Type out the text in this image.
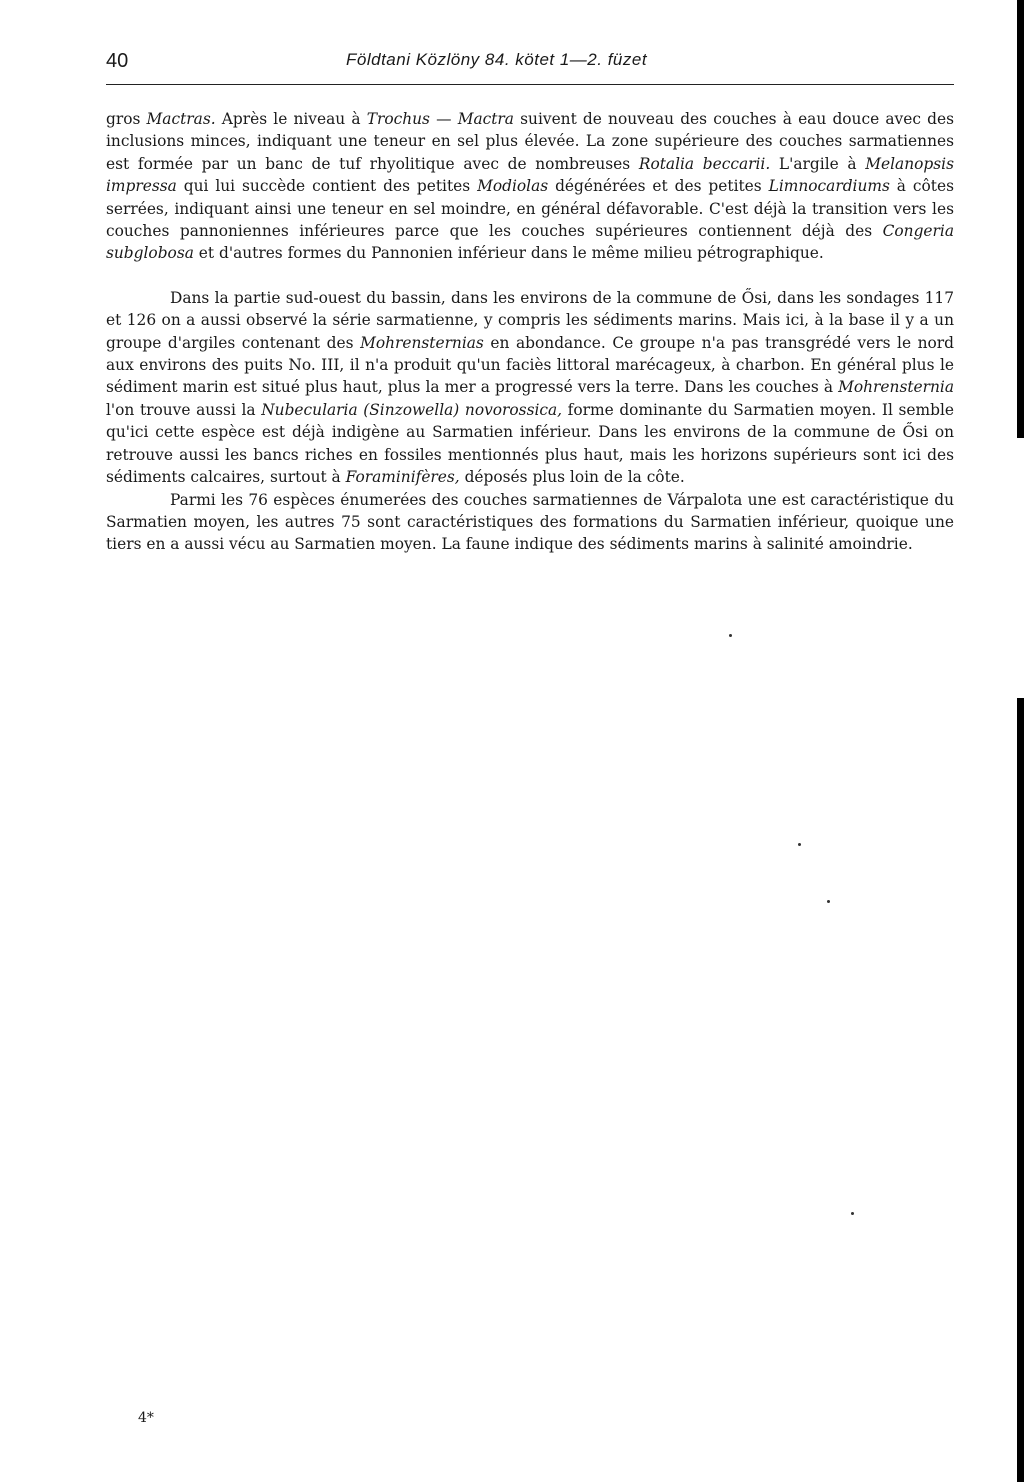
40	Földtani Közlöny 84. kötet 1—2. füzet

gros Mactras. Après le niveau à Trochus — Mactra suivent de nouveau des couches à eau douce avec des inclusions minces, indiquant une teneur en sel plus élevée. La zone supérieure des couches sarmatiennes est formée par un banc de tuf rhyolitique avec de nombreuses Rotalia beccarii. L'argile à Melanopsis impressa qui lui succède contient des petites Modiolas dégénérées et des petites Limnocardiums à côtes serrées, indiquant ainsi une teneur en sel moindre, en général défavorable. C'est déjà la transition vers les couches pannoniennes inférieures parce que les couches supérieures contiennent déjà des Congeria subglobosa et d'autres formes du Pannonien inférieur dans le même milieu pétrographique.

Dans la partie sud-ouest du bassin, dans les environs de la commune de Ősi, dans les sondages 117 et 126 on a aussi observé la série sarmatienne, y compris les sédiments marins. Mais ici, à la base il y a un groupe d'argiles contenant des Mohrensternias en abondance. Ce groupe n'a pas transgrédé vers le nord aux environs des puits No. III, il n'a produit qu'un faciès littoral marécageux, à charbon. En général plus le sédiment marin est situé plus haut, plus la mer a progressé vers la terre. Dans les couches à Mohrensternia l'on trouve aussi la Nubecularia (Sinzowella) novorossica, forme dominante du Sarmatien moyen. Il semble qu'ici cette espèce est déjà indigène au Sarmatien inférieur. Dans les environs de la commune de Ősi on retrouve aussi les bancs riches en fossiles mentionnés plus haut, mais les horizons supérieurs sont ici des sédiments calcaires, surtout à Foraminifères, déposés plus loin de la côte.

Parmi les 76 espèces énumerées des couches sarmatiennes de Várpalota une est caractéristique du Sarmatien moyen, les autres 75 sont caractéristiques des formations du Sarmatien inférieur, quoique une tiers en a aussi vécu au Sarmatien moyen. La faune indique des sédiments marins à salinité amoindrie.

4*
